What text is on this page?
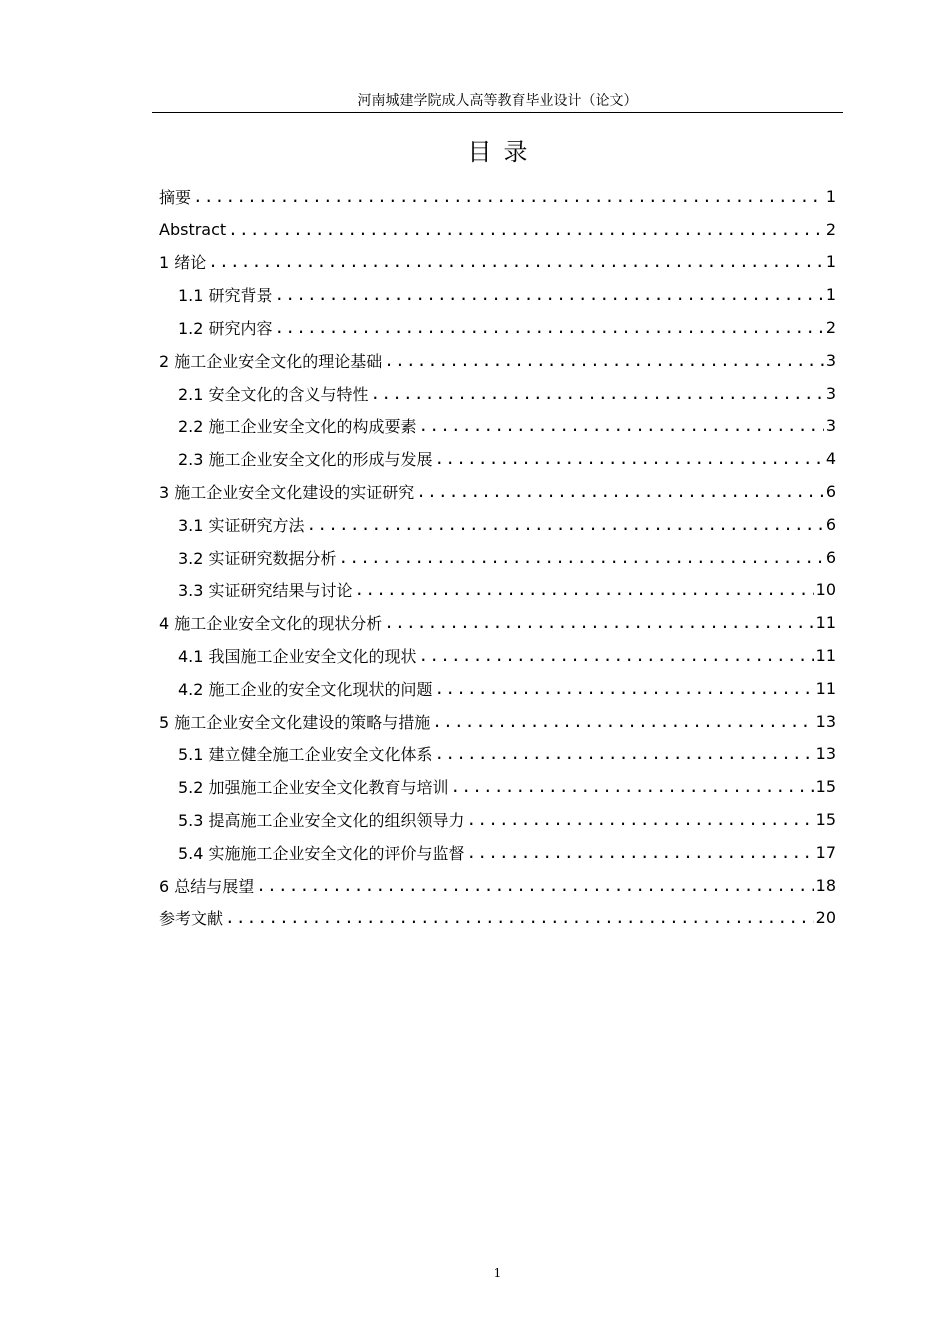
河南城建学院成人高等教育毕业设计（论文）
目录
摘要 .....	1
Abstract .....	2
1 绪论 .....	1
1.1 研究背景 .....	1
1.2 研究内容 .....	2
2 施工企业安全文化的理论基础 .....	3
2.1 安全文化的含义与特性 .....	3
2.2 施工企业安全文化的构成要素 .....	3
2.3 施工企业安全文化的形成与发展 .....	4
3 施工企业安全文化建设的实证研究 .....	6
3.1 实证研究方法 .....	6
3.2 实证研究数据分析 .....	6
3.3 实证研究结果与讨论 .....	10
4 施工企业安全文化的现状分析 .....	11
4.1 我国施工企业安全文化的现状 .....	11
4.2 施工企业的安全文化现状的问题 .....	11
5 施工企业安全文化建设的策略与措施 .....	13
5.1 建立健全施工企业安全文化体系 .....	13
5.2 加强施工企业安全文化教育与培训 .....	15
5.3 提高施工企业安全文化的组织领导力 .....	15
5.4 实施施工企业安全文化的评价与监督 .....	17
6 总结与展望 .....	18
参考文献 .....	20
1
